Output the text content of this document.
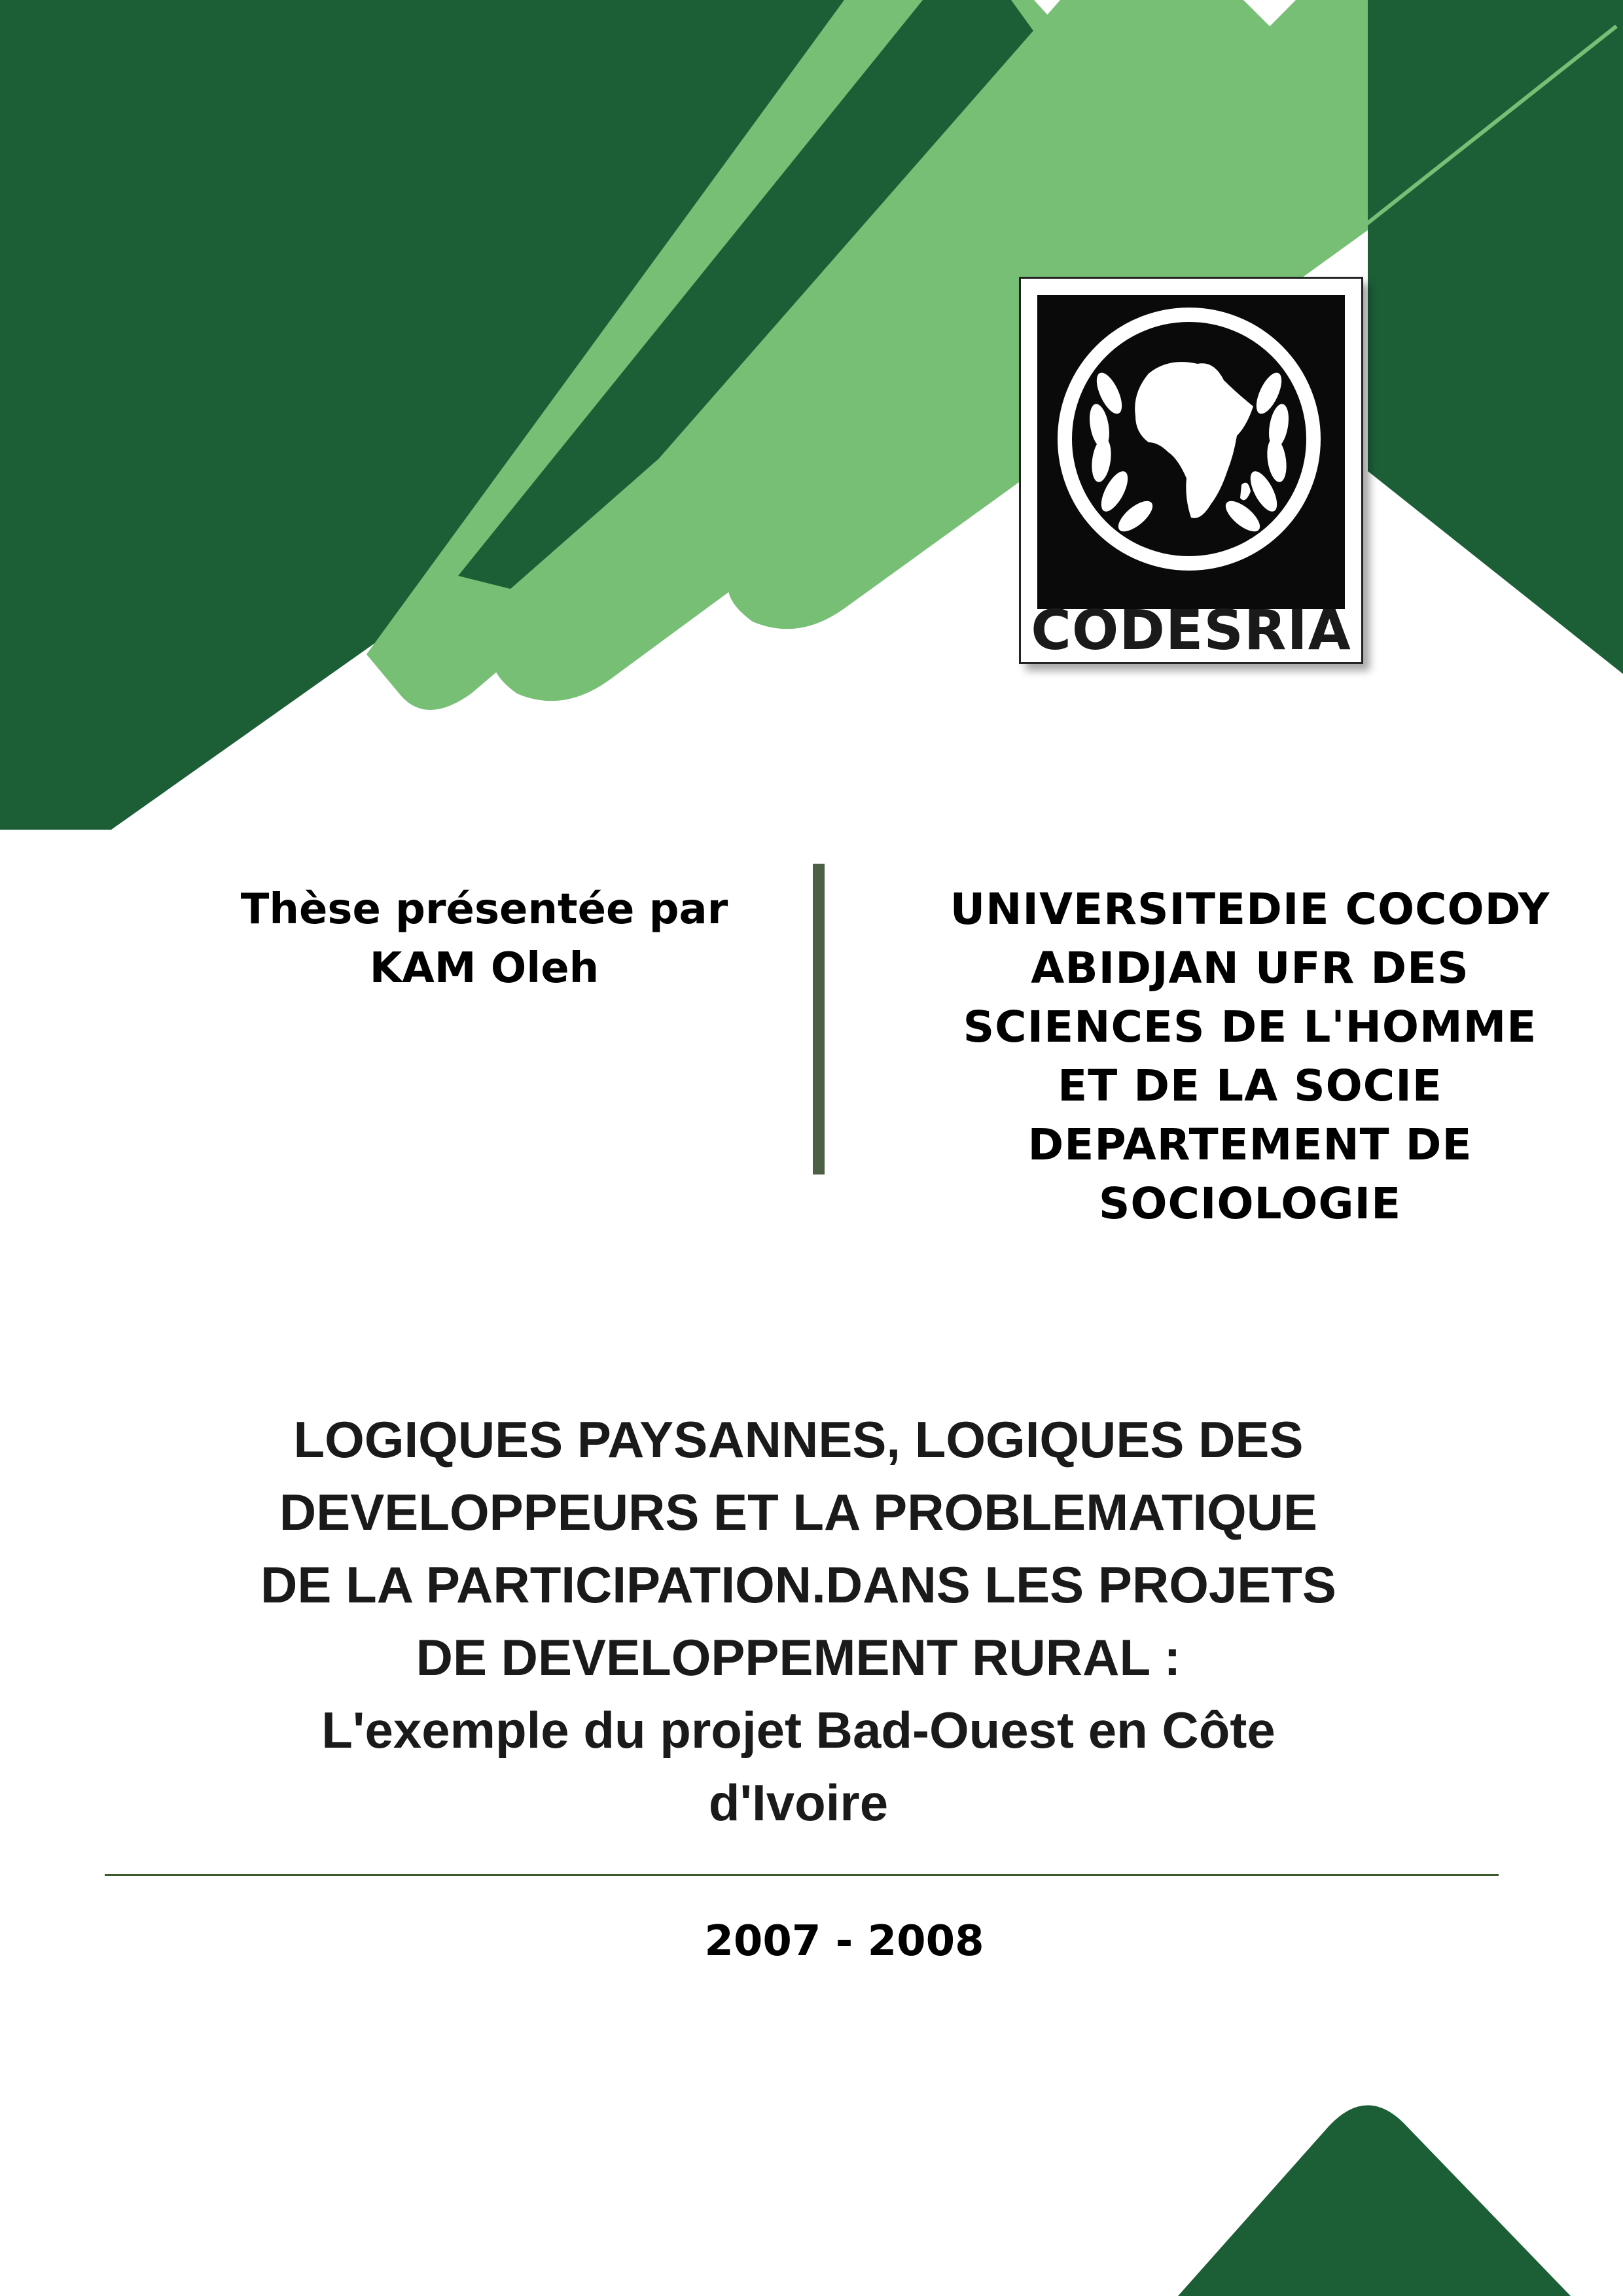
CODESRIA
Thèse présentée par
KAM Oleh
UNIVERSITEDIE COCODY
ABIDJAN UFR DES
SCIENCES DE L'HOMME
ET DE LA SOCIE
DEPARTEMENT DE
SOCIOLOGIE
LOGIQUES PAYSANNES, LOGIQUES DES
DEVELOPPEURS ET LA PROBLEMATIQUE
DE LA PARTICIPATION.DANS LES PROJETS
DE DEVELOPPEMENT RURAL :
L'exemple du projet Bad-Ouest en Côte
d'Ivoire
2007 - 2008
